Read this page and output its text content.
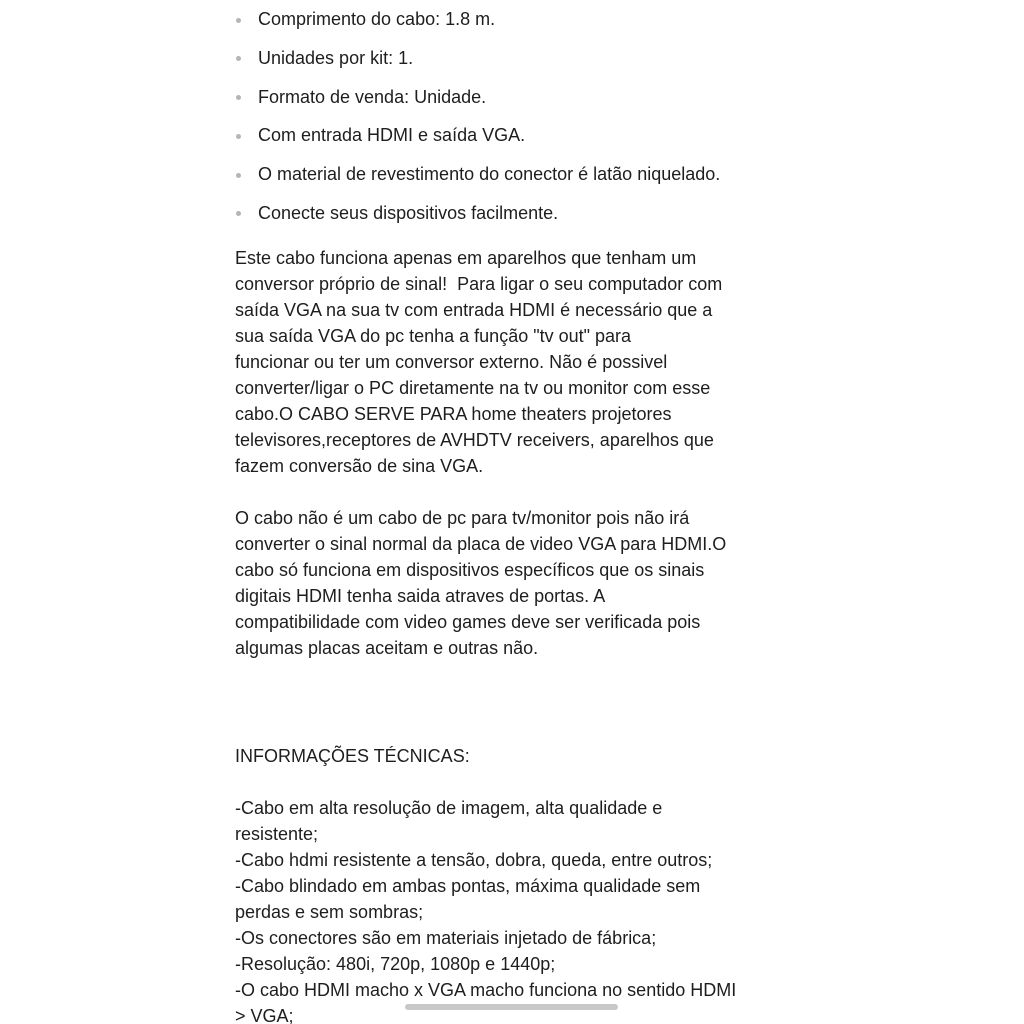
Comprimento do cabo: 1.8 m.
Unidades por kit: 1.
Formato de venda: Unidade.
Com entrada HDMI e saída VGA.
O material de revestimento do conector é latão niquelado.
Conecte seus dispositivos facilmente.
Este cabo funciona apenas em aparelhos que tenham um
conversor próprio de sinal!  Para ligar o seu computador com
saída VGA na sua tv com entrada HDMI é necessário que a
sua saída VGA do pc tenha a função "tv out" para
funcionar ou ter um conversor externo. Não é possivel
converter/ligar o PC diretamente na tv ou monitor com esse
cabo.O CABO SERVE PARA home theaters projetores
televisores,receptores de AVHDTV receivers, aparelhos que
fazem conversão de sina VGA.
O cabo não é um cabo de pc para tv/monitor pois não irá
converter o sinal normal da placa de video VGA para HDMI.O
cabo só funciona em dispositivos específicos que os sinais
digitais HDMI tenha saida atraves de portas. A
compatibilidade com video games deve ser verificada pois
algumas placas aceitam e outras não.
INFORMAÇÕES TÉCNICAS:
-Cabo em alta resolução de imagem, alta qualidade e
resistente;
-Cabo hdmi resistente a tensão, dobra, queda, entre outros;
-Cabo blindado em ambas pontas, máxima qualidade sem
perdas e sem sombras;
-Os conectores são em materiais injetado de fábrica;
-Resolução: 480i, 720p, 1080p e 1440p;
-O cabo HDMI macho x VGA macho funciona no sentido HDMI
> VGA;
